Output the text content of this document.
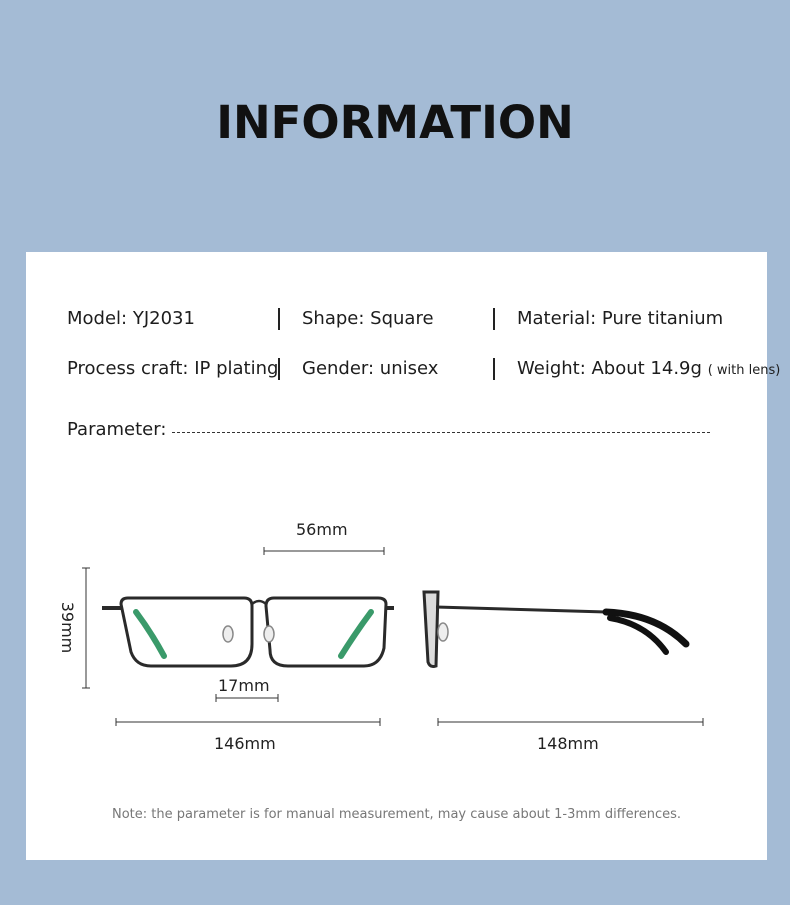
INFORMATION
Model: YJ2031	Shape: Square	Material: Pure titanium
Process craft: IP plating Gender: unisex	Weight: About 14.9g ( with lens)
Parameter:
56mm
39mm
17mm
146mm	148mm
Note: the parameter is for manual measurement, may cause about 1-3mm differences.
